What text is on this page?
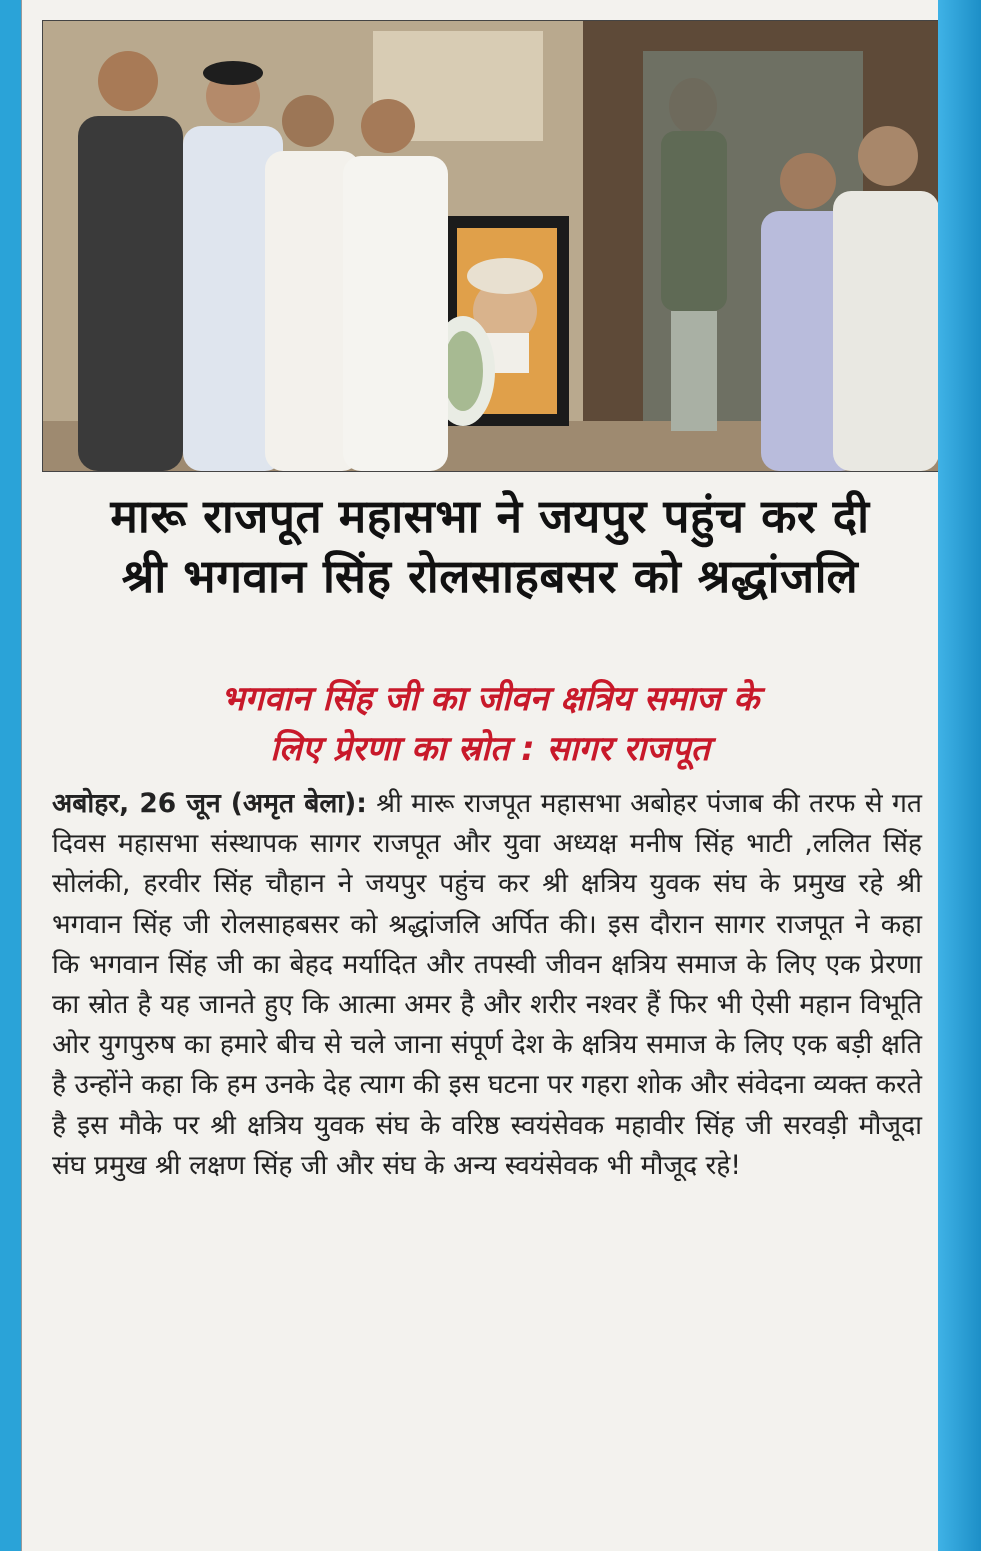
मारू राजपूत महासभा ने जयपुर पहुंच कर दी
श्री भगवान सिंह रोलसाहबसर को श्रद्धांजलि
भगवान सिंह जी का जीवन क्षत्रिय समाज के
लिए प्रेरणा का स्रोत : सागर राजपूत
अबोहर, 26 जून (अमृत बेला): श्री मारू राजपूत महासभा अबोहर पंजाब की तरफ से गत दिवस महासभा संस्थापक सागर राजपूत और युवा अध्यक्ष मनीष सिंह भाटी ,ललित सिंह सोलंकी, हरवीर सिंह चौहान ने जयपुर पहुंच कर श्री क्षत्रिय युवक संघ के प्रमुख रहे श्री भगवान सिंह जी रोलसाहबसर को श्रद्धांजलि अर्पित की। इस दौरान सागर राजपूत ने कहा कि भगवान सिंह जी का बेहद मर्यादित और तपस्वी जीवन क्षत्रिय समाज के लिए एक प्रेरणा का स्रोत है यह जानते हुए कि आत्मा अमर है और शरीर नश्वर हैं फिर भी ऐसी महान विभूति ओर युगपुरुष का हमारे बीच से चले जाना संपूर्ण देश के क्षत्रिय समाज के लिए एक बड़ी क्षति है उन्होंने कहा कि हम उनके देह त्याग की इस घटना पर गहरा शोक और संवेदना व्यक्त करते है इस मौके पर श्री क्षत्रिय युवक संघ के वरिष्ठ स्वयंसेवक महावीर सिंह जी सरवड़ी मौजूदा संघ प्रमुख श्री लक्षण सिंह जी और संघ के अन्य स्वयंसेवक भी मौजूद रहे!
